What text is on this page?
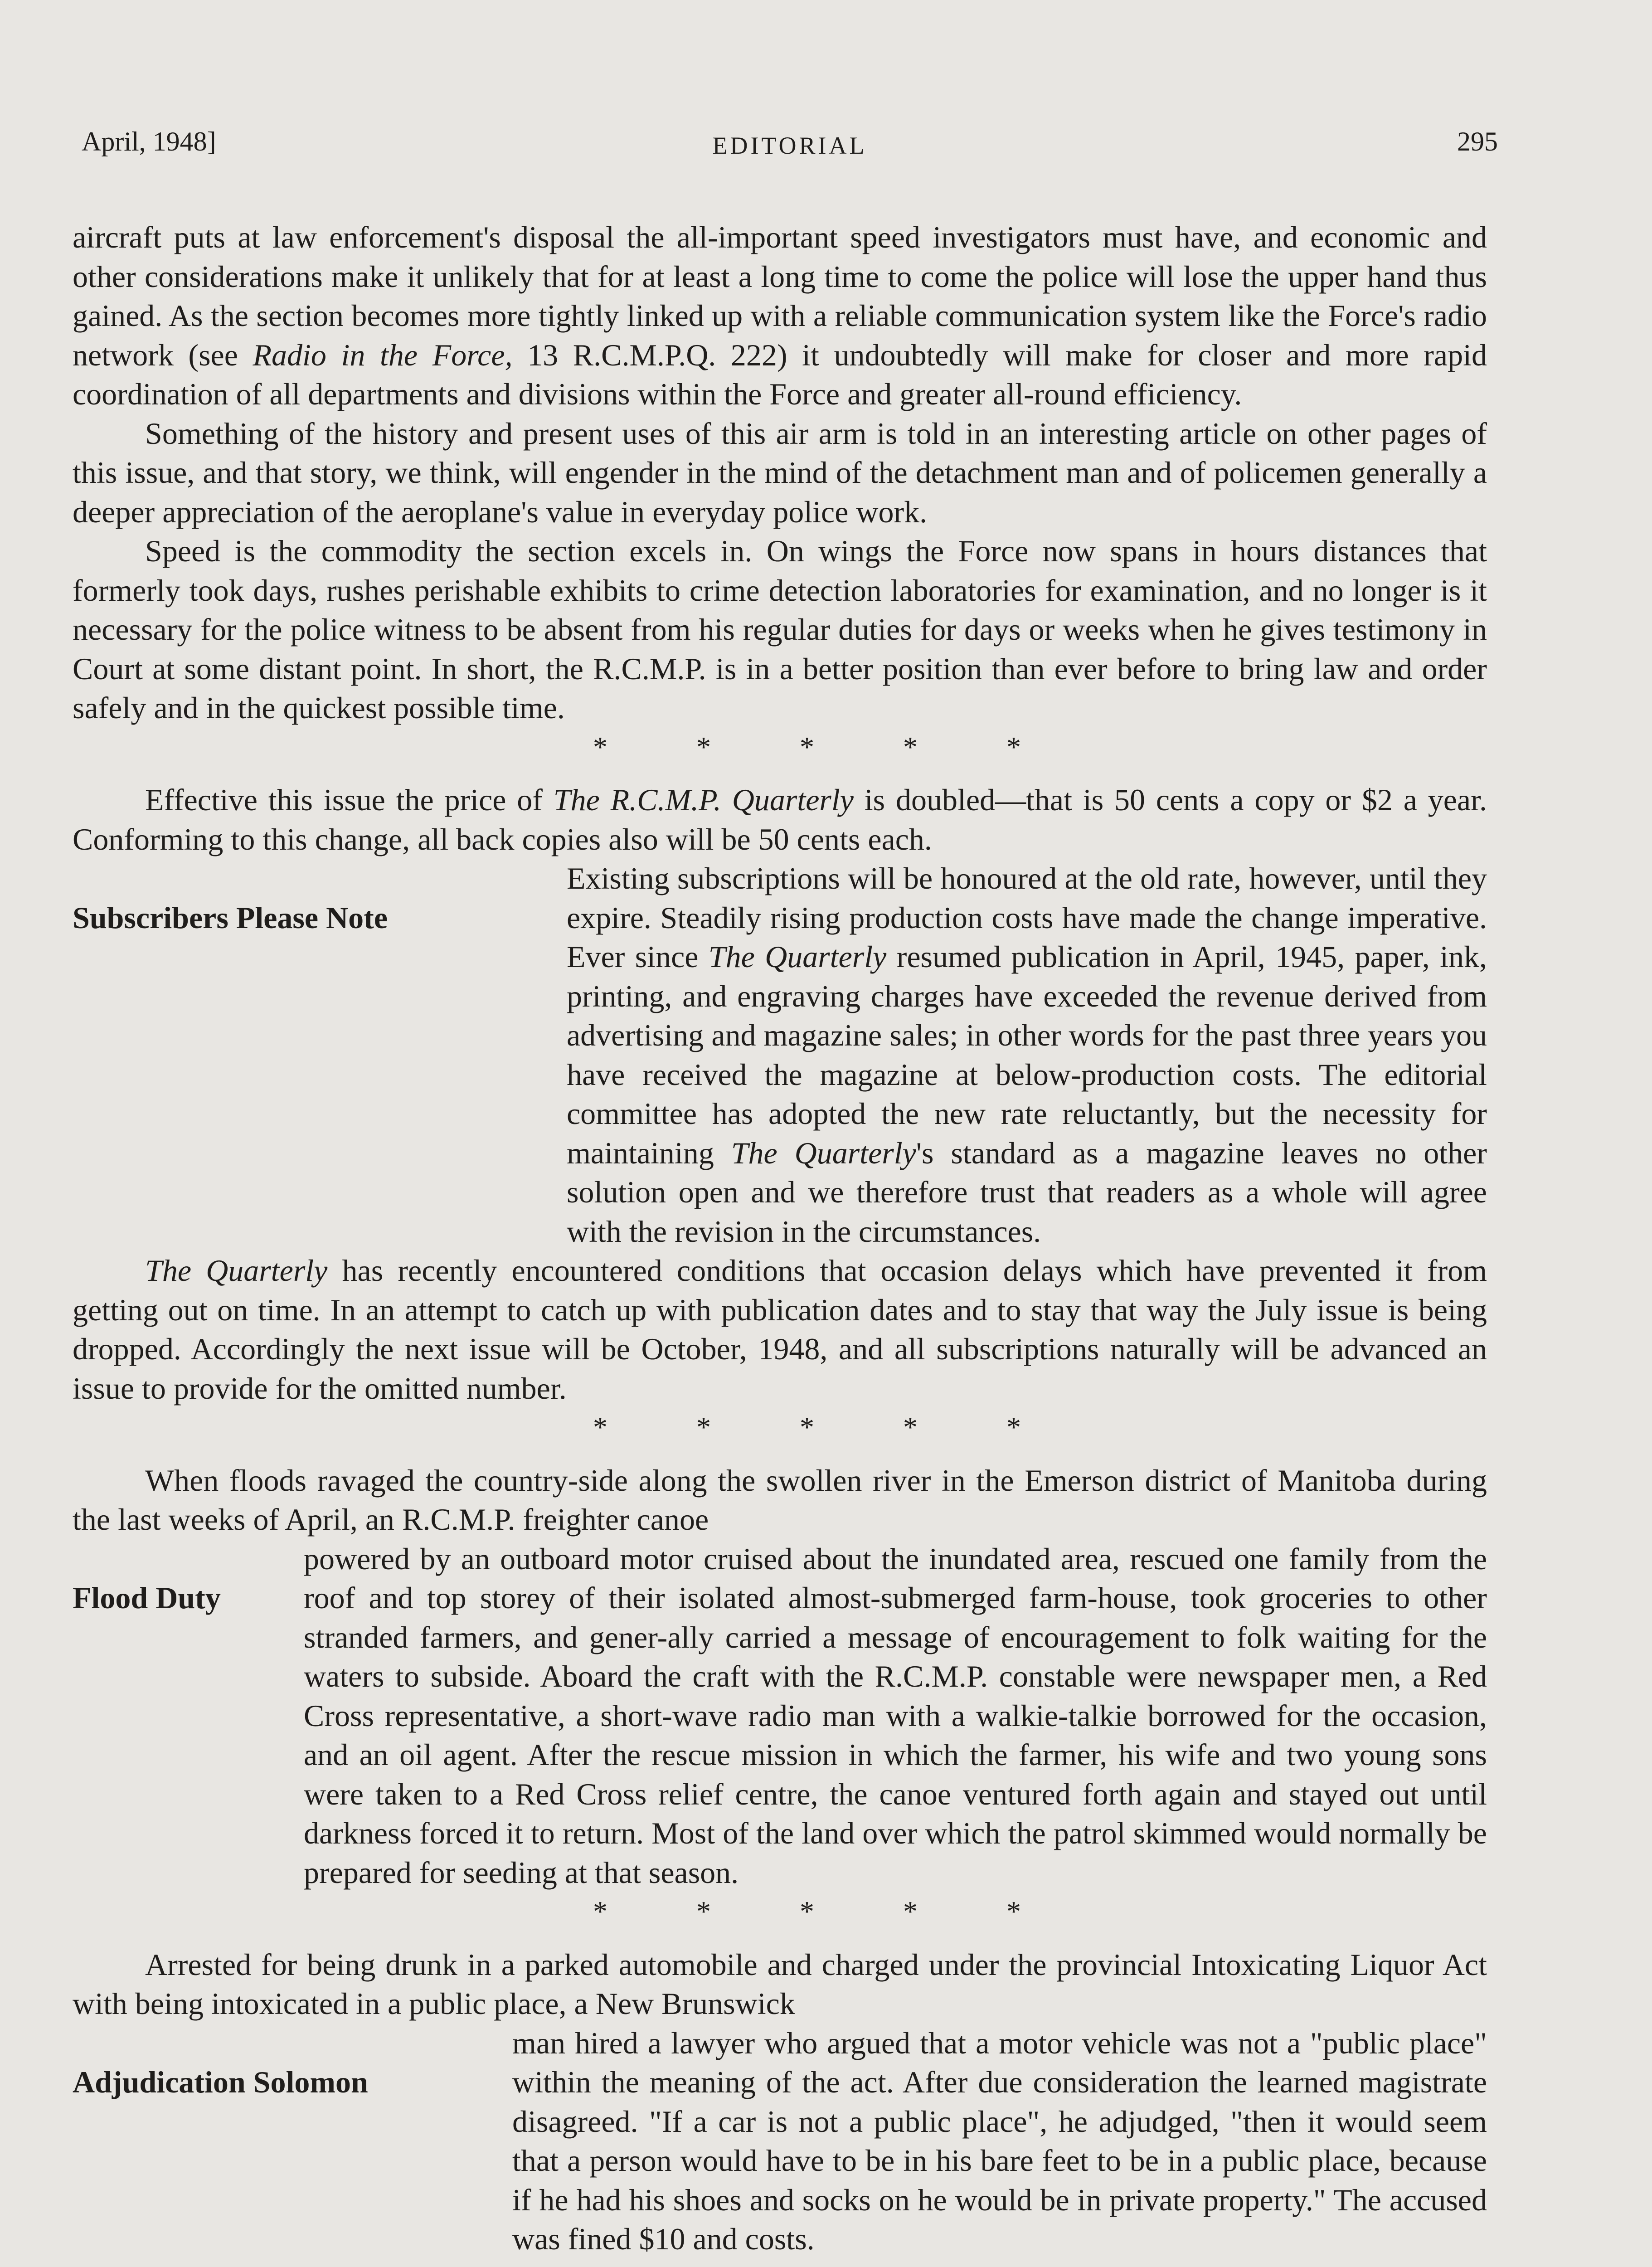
April, 1948]	EDITORIAL	295

aircraft puts at law enforcement's disposal the all-important speed investigators must have, and economic and other considerations make it unlikely that for at least a long time to come the police will lose the upper hand thus gained. As the section becomes more tightly linked up with a reliable communication system like the Force's radio network (see Radio in the Force, 13 R.C.M.P.Q. 222) it undoubtedly will make for closer and more rapid coordination of all departments and divisions within the Force and greater all-round efficiency.

Something of the history and present uses of this air arm is told in an interesting article on other pages of this issue, and that story, we think, will engender in the mind of the detachment man and of policemen generally a deeper appreciation of the aeroplane's value in everyday police work.

Speed is the commodity the section excels in. On wings the Force now spans in hours distances that formerly took days, rushes perishable exhibits to crime detection laboratories for examination, and no longer is it necessary for the police witness to be absent from his regular duties for days or weeks when he gives testimony in Court at some distant point. In short, the R.C.M.P. is in a better position than ever before to bring law and order safely and in the quickest possible time.

* * * * *

Effective this issue the price of The R.C.M.P. Quarterly is doubled—that is 50 cents a copy or $2 a year. Conforming to this change, all back copies also will be 50 cents each.

Subscribers Please Note

Existing subscriptions will be honoured at the old rate, however, until they expire. Steadily rising production costs have made the change imperative. Ever since The Quarterly resumed publication in April, 1945, paper, ink, printing, and engraving charges have exceeded the revenue derived from advertising and magazine sales; in other words for the past three years you have received the magazine at below-production costs. The editorial committee has adopted the new rate reluctantly, but the necessity for maintaining The Quarterly's standard as a magazine leaves no other solution open and we therefore trust that readers as a whole will agree with the revision in the circumstances.

The Quarterly has recently encountered conditions that occasion delays which have prevented it from getting out on time. In an attempt to catch up with publication dates and to stay that way the July issue is being dropped. Accordingly the next issue will be October, 1948, and all subscriptions naturally will be advanced an issue to provide for the omitted number.

* * * * *

When floods ravaged the country-side along the swollen river in the Emerson district of Manitoba during the last weeks of April, an R.C.M.P. freighter canoe

Flood Duty

powered by an outboard motor cruised about the inundated area, rescued one family from the roof and top storey of their isolated almost-submerged farm-house, took groceries to other stranded farmers, and gener-ally carried a message of encouragement to folk waiting for the waters to subside. Aboard the craft with the R.C.M.P. constable were newspaper men, a Red Cross representative, a short-wave radio man with a walkie-talkie borrowed for the occasion, and an oil agent. After the rescue mission in which the farmer, his wife and two young sons were taken to a Red Cross relief centre, the canoe ventured forth again and stayed out until darkness forced it to return. Most of the land over which the patrol skimmed would normally be prepared for seeding at that season.

* * * * *

Arrested for being drunk in a parked automobile and charged under the provincial Intoxicating Liquor Act with being intoxicated in a public place, a New Brunswick

Adjudication Solomon

man hired a lawyer who argued that a motor vehicle was not a "public place" within the meaning of the act. After due consideration the learned magistrate disagreed. "If a car is not a public place", he adjudged, "then it would seem that a person would have to be in his bare feet to be in a public place, because if he had his shoes and socks on he would be in private property." The accused was fined $10 and costs.
